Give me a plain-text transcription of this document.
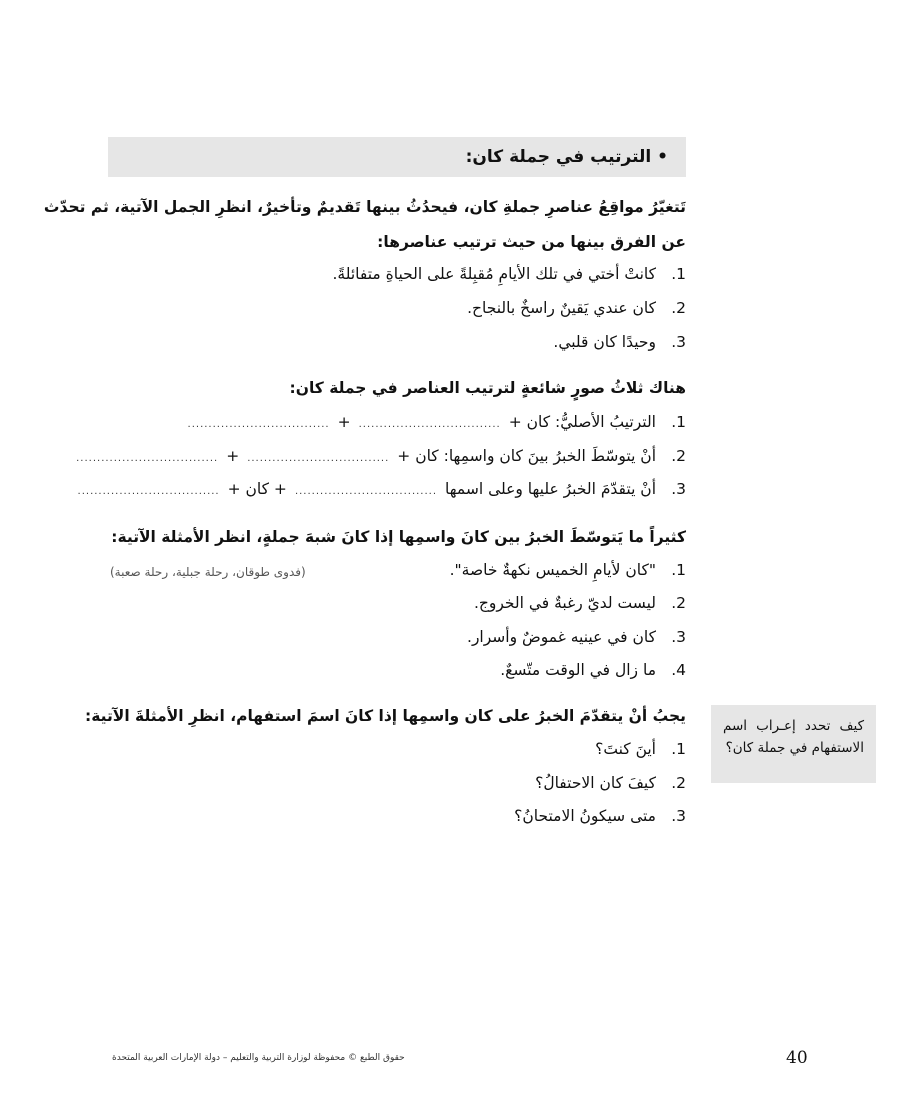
• الترتيب في جملة كان:
تَتغيّرُ مواقِعُ عناصرِ جملةِ كان، فيحدُثُ بينها تَقديمٌ وتأخيرٌ، انظرِ الجمل الآتية، ثم تحدّث
عن الفرق بينها من حيث ترتيب عناصرها:
1.
كانتْ أختي في تلك الأيامِ مُقبِلةً على الحياةِ متفائلةً.
2.
كان عندي يَقينٌ راسخٌ بالنجاح.
3.
وحيدًا كان قلبي.
هناك ثلاثُ صورٍ شائعةٍ لترتيب العناصر في جملة كان:
1.
الترتيبُ الأصليُّ: كان +
..................................
+
..................................
2.
أنْ يتوسّطَ الخبرُ بينَ كان واسمِها: كان +
..................................
+
..................................
3.
أنْ يتقدّمَ الخبرُ عليها وعلى اسمها
..................................
+ كان +
..................................
كثيراً ما يَتوسّطَ الخبرُ بين كانَ واسمِها إذا كانَ شبهَ جملةٍ، انظر الأمثلة الآتية:
1.
"كان لأيامِ الخميس نكهةٌ خاصة".
(فدوى طوقان، رحلة جبلية، رحلة صعبة)
2.
ليست لديّ رغبةٌ في الخروج.
3.
كان في عينيه غموضٌ وأسرار.
4.
ما زال في الوقت متّسعٌ.
يجبُ أنْ يتقدّمَ الخبرُ على كان واسمِها إذا كانَ اسمَ استفهام، انظرِ الأمثلةَ الآتية:
1.
أينَ كنتَ؟
2.
كيفَ كان الاحتفالُ؟
3.
متى سيكونُ الامتحانُ؟
كيف تحدد إعـراب اسم الاستفهام في جملة كان؟
حقوق الطبع © محفوظة لوزارة التربية والتعليم – دولة الإمارات العربية المتحدة	40
